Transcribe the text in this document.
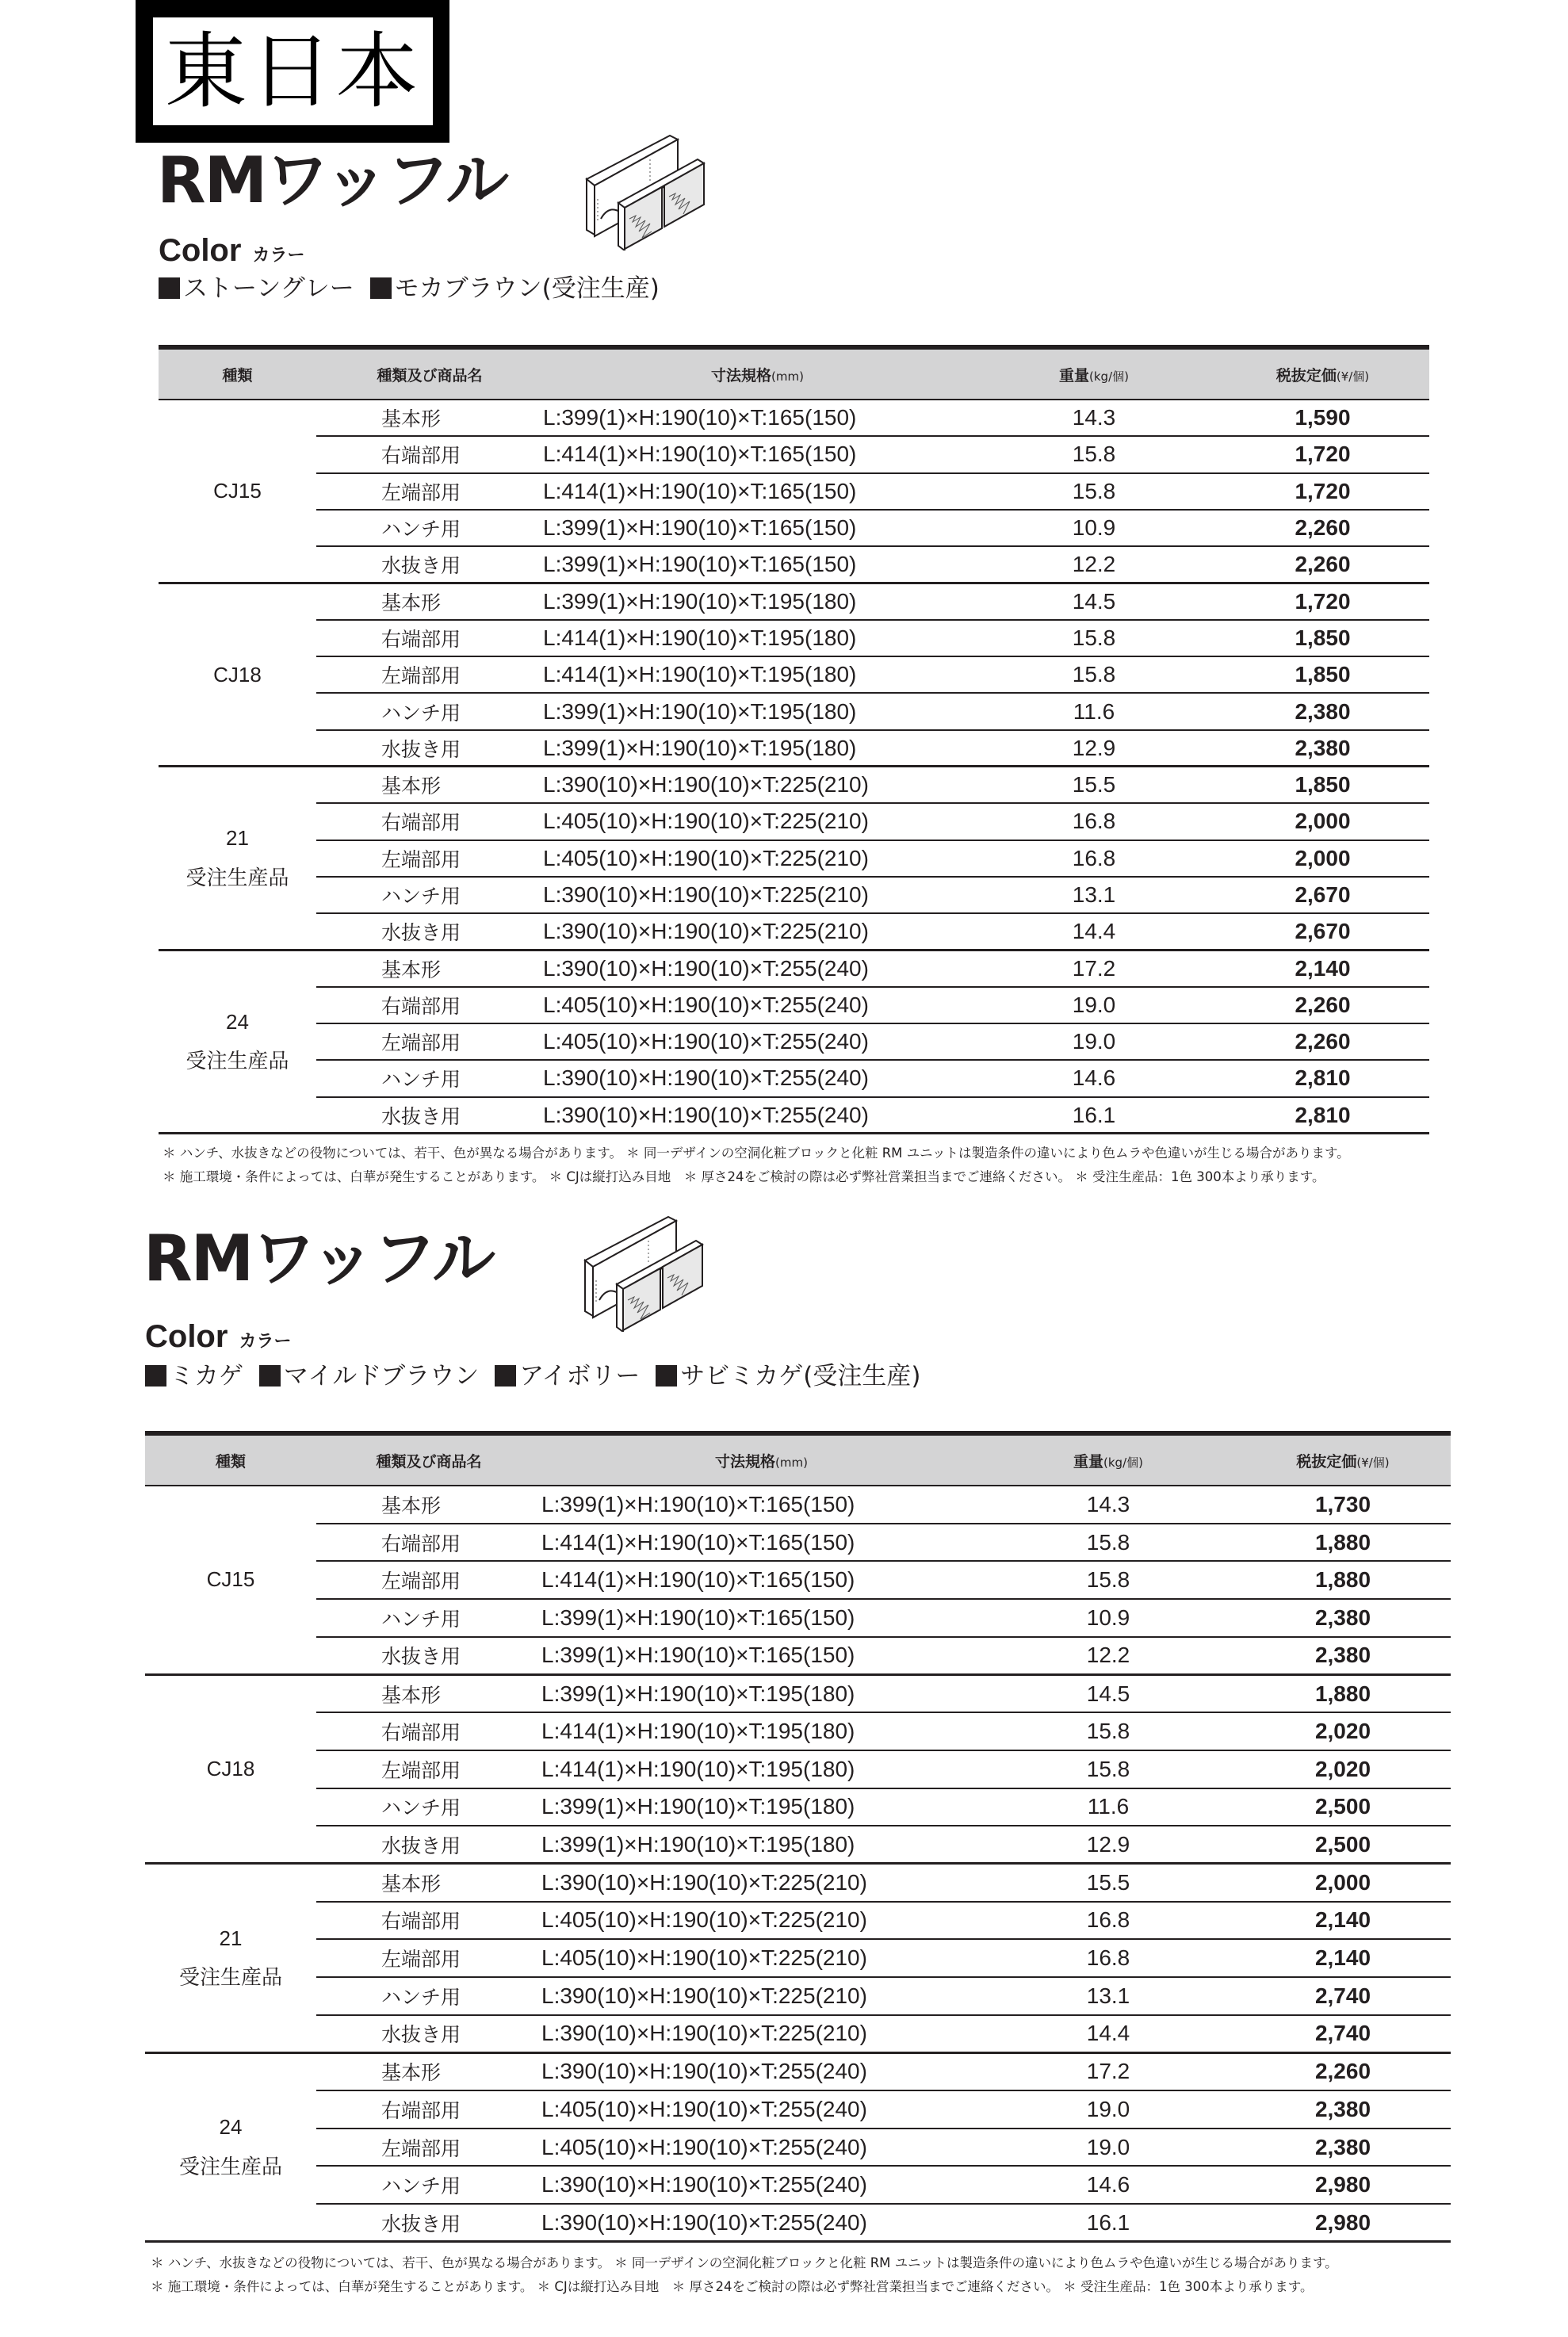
東日本
RMワッフル
Color カラー
ストーングレー モカブラウン(受注生産)
種類	種類及び商品名	寸法規格(mm)	重量(kg/個)	税抜定価(¥/個)

CJ15	基本形	L:399(1)×H:190(10)×T:165(150)	14.3	1,590
	右端部用	L:414(1)×H:190(10)×T:165(150)	15.8	1,720
	左端部用	L:414(1)×H:190(10)×T:165(150)	15.8	1,720
	ハンチ用	L:399(1)×H:190(10)×T:165(150)	10.9	2,260
	水抜き用	L:399(1)×H:190(10)×T:165(150)	12.2	2,260

CJ18	基本形	L:399(1)×H:190(10)×T:195(180)	14.5	1,720
	右端部用	L:414(1)×H:190(10)×T:195(180)	15.8	1,850
	左端部用	L:414(1)×H:190(10)×T:195(180)	15.8	1,850
	ハンチ用	L:399(1)×H:190(10)×T:195(180)	11.6	2,380
	水抜き用	L:399(1)×H:190(10)×T:195(180)	12.9	2,380

21
受注生産品	基本形	L:390(10)×H:190(10)×T:225(210)	15.5	1,850
	右端部用	L:405(10)×H:190(10)×T:225(210)	16.8	2,000
	左端部用	L:405(10)×H:190(10)×T:225(210)	16.8	2,000
	ハンチ用	L:390(10)×H:190(10)×T:225(210)	13.1	2,670
	水抜き用	L:390(10)×H:190(10)×T:225(210)	14.4	2,670

24
受注生産品	基本形	L:390(10)×H:190(10)×T:255(240)	17.2	2,140
	右端部用	L:405(10)×H:190(10)×T:255(240)	19.0	2,260
	左端部用	L:405(10)×H:190(10)×T:255(240)	19.0	2,260
	ハンチ用	L:390(10)×H:190(10)×T:255(240)	14.6	2,810
	水抜き用	L:390(10)×H:190(10)×T:255(240)	16.1	2,810
＊ ハンチ、水抜きなどの役物については、若干、色が異なる場合があります。 ＊ 同一デザインの空洞化粧ブロックと化粧 RM ユニットは製造条件の違いにより色ムラや色違いが生じる場合があります。
＊ 施工環境・条件によっては、白華が発生することがあります。 ＊ CJは縦打込み目地　＊ 厚さ24をご検討の際は必ず弊社営業担当までご連絡ください。 ＊ 受注生産品：1色 300本より承ります。
RMワッフル
Color カラー
ミカゲ マイルドブラウン アイボリー サビミカゲ(受注生産)
種類	種類及び商品名	寸法規格(mm)	重量(kg/個)	税抜定価(¥/個)

CJ15	基本形	L:399(1)×H:190(10)×T:165(150)	14.3	1,730
	右端部用	L:414(1)×H:190(10)×T:165(150)	15.8	1,880
	左端部用	L:414(1)×H:190(10)×T:165(150)	15.8	1,880
	ハンチ用	L:399(1)×H:190(10)×T:165(150)	10.9	2,380
	水抜き用	L:399(1)×H:190(10)×T:165(150)	12.2	2,380

CJ18	基本形	L:399(1)×H:190(10)×T:195(180)	14.5	1,880
	右端部用	L:414(1)×H:190(10)×T:195(180)	15.8	2,020
	左端部用	L:414(1)×H:190(10)×T:195(180)	15.8	2,020
	ハンチ用	L:399(1)×H:190(10)×T:195(180)	11.6	2,500
	水抜き用	L:399(1)×H:190(10)×T:195(180)	12.9	2,500

21
受注生産品	基本形	L:390(10)×H:190(10)×T:225(210)	15.5	2,000
	右端部用	L:405(10)×H:190(10)×T:225(210)	16.8	2,140
	左端部用	L:405(10)×H:190(10)×T:225(210)	16.8	2,140
	ハンチ用	L:390(10)×H:190(10)×T:225(210)	13.1	2,740
	水抜き用	L:390(10)×H:190(10)×T:225(210)	14.4	2,740

24
受注生産品	基本形	L:390(10)×H:190(10)×T:255(240)	17.2	2,260
	右端部用	L:405(10)×H:190(10)×T:255(240)	19.0	2,380
	左端部用	L:405(10)×H:190(10)×T:255(240)	19.0	2,380
	ハンチ用	L:390(10)×H:190(10)×T:255(240)	14.6	2,980
	水抜き用	L:390(10)×H:190(10)×T:255(240)	16.1	2,980
＊ ハンチ、水抜きなどの役物については、若干、色が異なる場合があります。 ＊ 同一デザインの空洞化粧ブロックと化粧 RM ユニットは製造条件の違いにより色ムラや色違いが生じる場合があります。
＊ 施工環境・条件によっては、白華が発生することがあります。 ＊ CJは縦打込み目地　＊ 厚さ24をご検討の際は必ず弊社営業担当までご連絡ください。 ＊ 受注生産品：1色 300本より承ります。
